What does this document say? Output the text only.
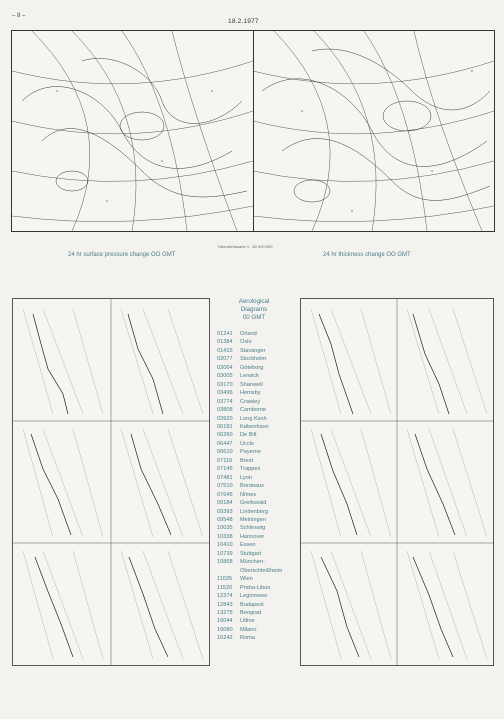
– 8 –
18.2.1977
Übersichtskarte 1 : 60 000 000
24 hr surface pressure change OO GMT	24 hr thickness change OO GMT
Aerological
Diagrams
00 GMT
01241	Orland
01384	Oslo
01415	Stavanger
02077	Stockholm
02064	Göteborg
03005	Lerwick
03170	Shanwell
03496	Hemsby
03774	Crawley
03808	Camborne
03920	Long Kesh
06181	København
06260	De Bilt
06447	Uccle
06610	Payerne
07110	Brest
07145	Trappes
07481	Lyon
07510	Bordeaux
07645	Nîmes
09184	Greifswald
09393	Lindenberg
09548	Meiningen
10035	Schleswig
10338	Hannover
10410	Essen
10739	Stuttgart
10868	München-
Oberschleißheim
11035	Wien
11520	Praha-Libus
12374	Legionowo
12843	Budapest
13275	Beograd
16044	Udine
16080	Milano
16242	Roma
